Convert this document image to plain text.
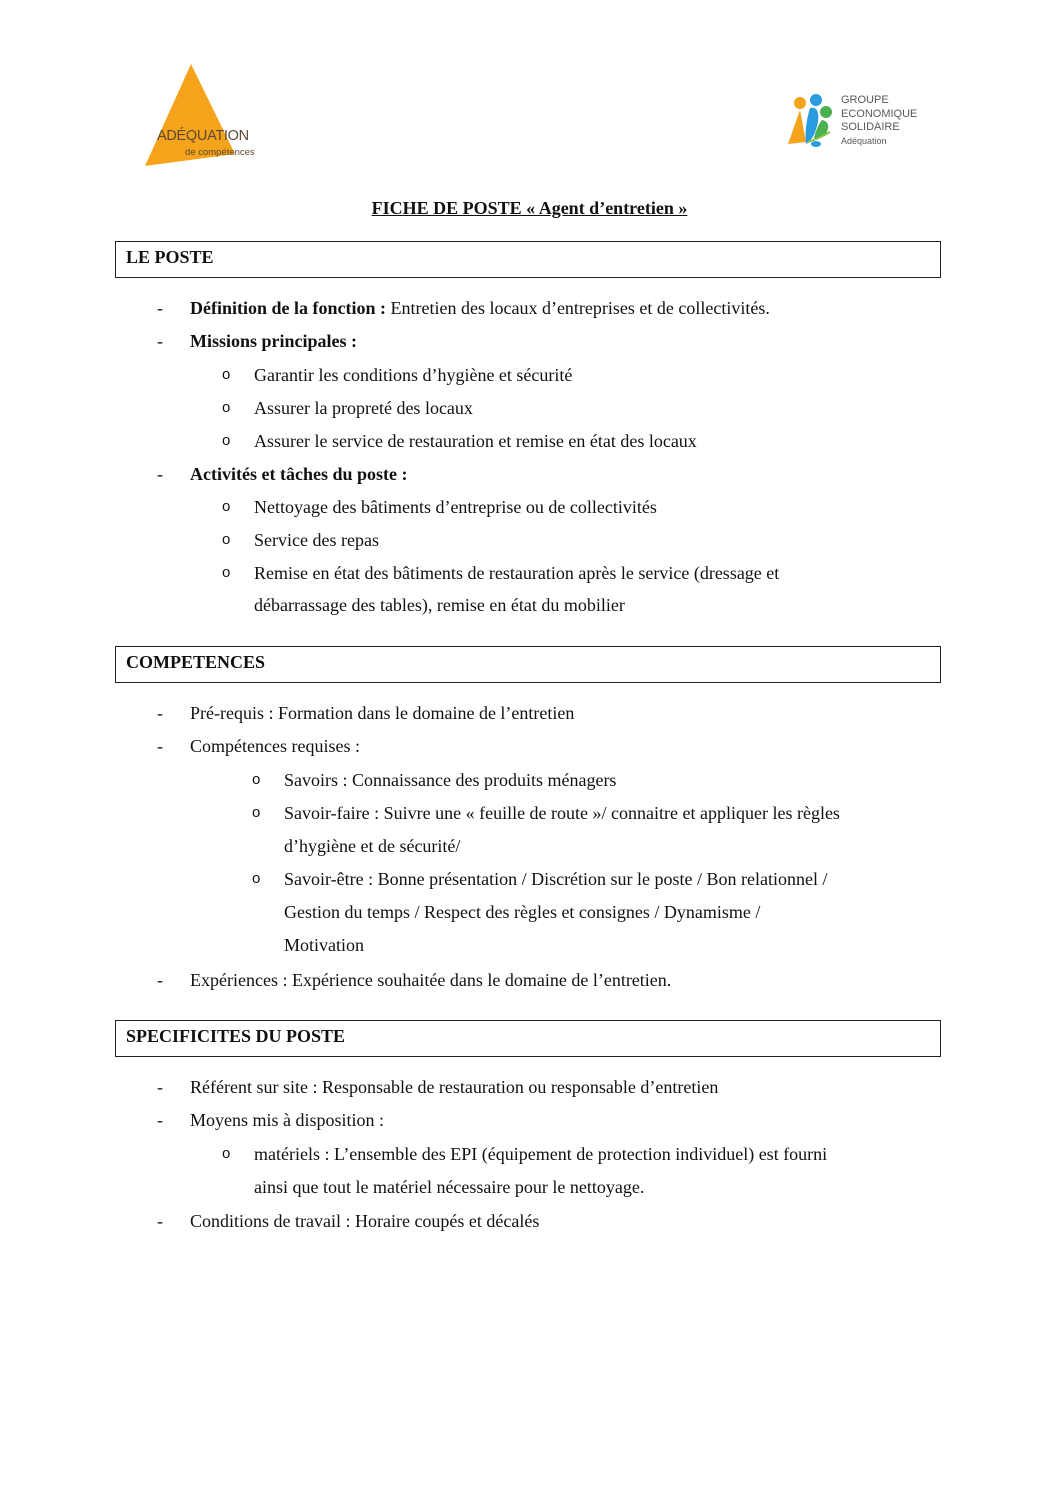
ADÉQUATION
de compétences
GROUPE
ECONOMIQUE
SOLIDAIRE
Adéquation
FICHE DE POSTE « Agent d’entretien »
LE POSTE
- Définition de la fonction : Entretien des locaux d’entreprises et de collectivités.
- Missions principales :
o Garantir les conditions d’hygiène et sécurité
o Assurer la propreté des locaux
o Assurer le service de restauration et remise en état des locaux
- Activités et tâches du poste :
o Nettoyage des bâtiments d’entreprise ou de collectivités
o Service des repas
o Remise en état des bâtiments de restauration après le service (dressage et
débarrassage des tables), remise en état du mobilier
COMPETENCES
- Pré-requis : Formation dans le domaine de l’entretien
- Compétences requises :
o Savoirs : Connaissance des produits ménagers
o Savoir-faire : Suivre une « feuille de route »/ connaitre et appliquer les règles
d’hygiène et de sécurité/
o Savoir-être : Bonne présentation / Discrétion sur le poste / Bon relationnel /
Gestion du temps / Respect des règles et consignes / Dynamisme /
Motivation
- Expériences : Expérience souhaitée dans le domaine de l’entretien.
SPECIFICITES DU POSTE
- Référent sur site : Responsable de restauration ou responsable d’entretien
- Moyens mis à disposition :
o matériels : L’ensemble des EPI (équipement de protection individuel) est fourni
ainsi que tout le matériel nécessaire pour le nettoyage.
- Conditions de travail : Horaire coupés et décalés
